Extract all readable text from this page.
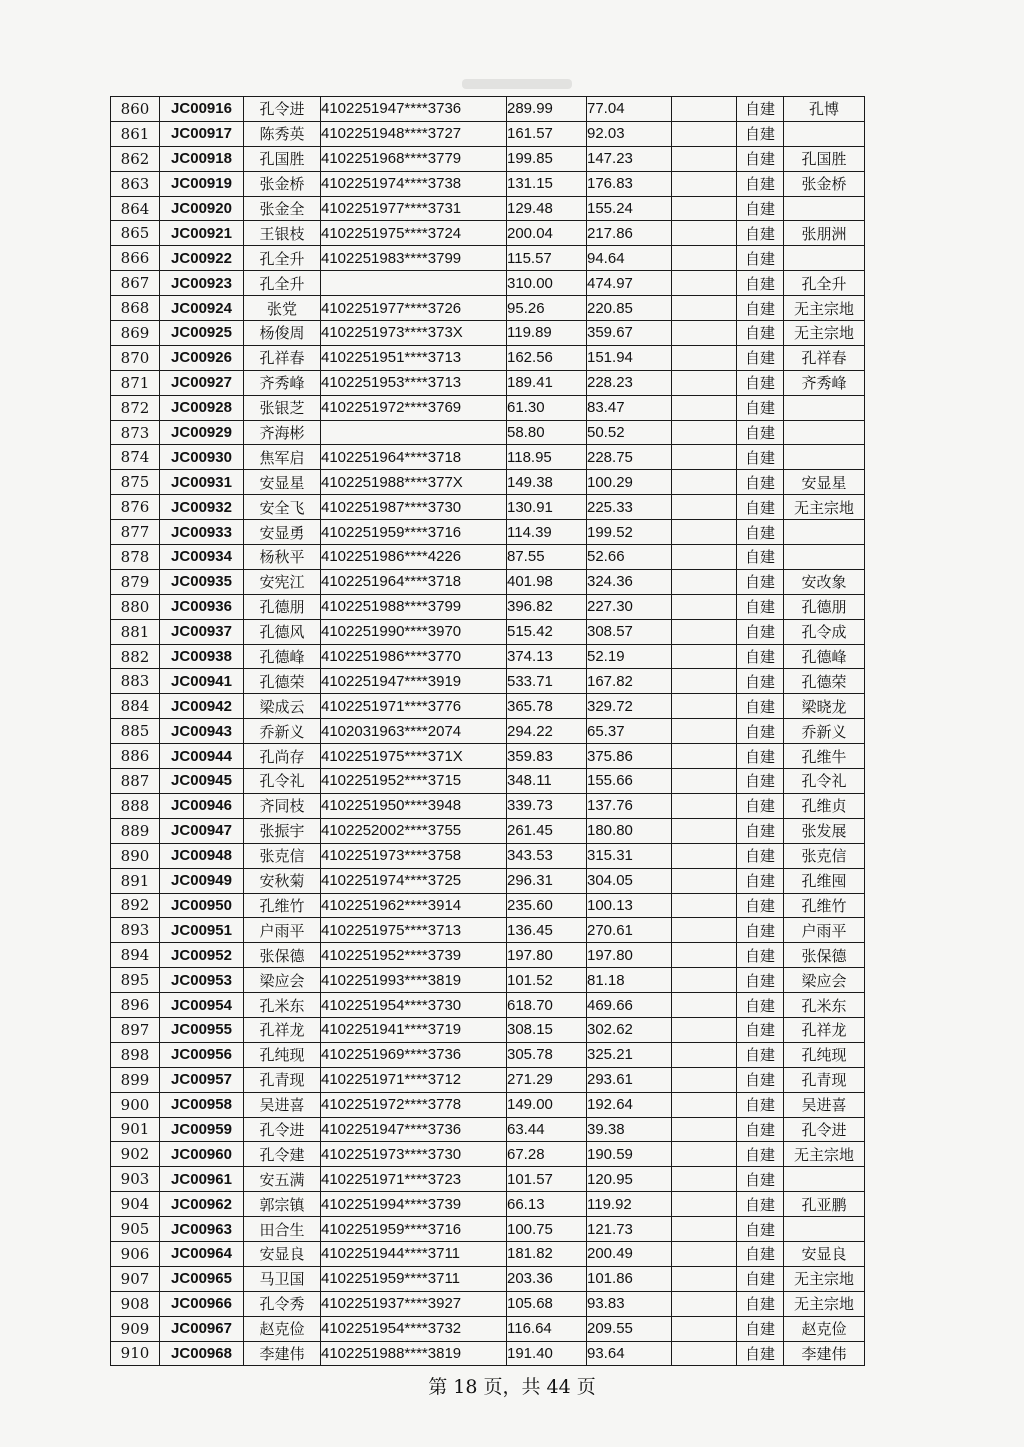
860	JC00916	孔令进	4102251947****3736	289.99	77.04		自建	孔博
861	JC00917	陈秀英	4102251948****3727	161.57	92.03		自建	
862	JC00918	孔国胜	4102251968****3779	199.85	147.23		自建	孔国胜
863	JC00919	张金桥	4102251974****3738	131.15	176.83		自建	张金桥
864	JC00920	张金全	4102251977****3731	129.48	155.24		自建	
865	JC00921	王银枝	4102251975****3724	200.04	217.86		自建	张朋洲
866	JC00922	孔全升	4102251983****3799	115.57	94.64		自建	
867	JC00923	孔全升		310.00	474.97		自建	孔全升
868	JC00924	张党	4102251977****3726	95.26	220.85		自建	无主宗地
869	JC00925	杨俊周	4102251973****373X	119.89	359.67		自建	无主宗地
870	JC00926	孔祥春	4102251951****3713	162.56	151.94		自建	孔祥春
871	JC00927	齐秀峰	4102251953****3713	189.41	228.23		自建	齐秀峰
872	JC00928	张银芝	4102251972****3769	61.30	83.47		自建	
873	JC00929	齐海彬		58.80	50.52		自建	
874	JC00930	焦军启	4102251964****3718	118.95	228.75		自建	
875	JC00931	安显星	4102251988****377X	149.38	100.29		自建	安显星
876	JC00932	安全飞	4102251987****3730	130.91	225.33		自建	无主宗地
877	JC00933	安显勇	4102251959****3716	114.39	199.52		自建	
878	JC00934	杨秋平	4102251986****4226	87.55	52.66		自建	
879	JC00935	安宪江	4102251964****3718	401.98	324.36		自建	安改象
880	JC00936	孔德朋	4102251988****3799	396.82	227.30		自建	孔德朋
881	JC00937	孔德风	4102251990****3970	515.42	308.57		自建	孔令成
882	JC00938	孔德峰	4102251986****3770	374.13	52.19		自建	孔德峰
883	JC00941	孔德荣	4102251947****3919	533.71	167.82		自建	孔德荣
884	JC00942	梁成云	4102251971****3776	365.78	329.72		自建	梁晓龙
885	JC00943	乔新义	4102031963****2074	294.22	65.37		自建	乔新义
886	JC00944	孔尚存	4102251975****371X	359.83	375.86		自建	孔维牛
887	JC00945	孔令礼	4102251952****3715	348.11	155.66		自建	孔令礼
888	JC00946	齐同枝	4102251950****3948	339.73	137.76		自建	孔维贞
889	JC00947	张振宇	4102252002****3755	261.45	180.80		自建	张发展
890	JC00948	张克信	4102251973****3758	343.53	315.31		自建	张克信
891	JC00949	安秋菊	4102251974****3725	296.31	304.05		自建	孔维囤
892	JC00950	孔维竹	4102251962****3914	235.60	100.13		自建	孔维竹
893	JC00951	户雨平	4102251975****3713	136.45	270.61		自建	户雨平
894	JC00952	张保德	4102251952****3739	197.80	197.80		自建	张保德
895	JC00953	梁应会	4102251993****3819	101.52	81.18		自建	梁应会
896	JC00954	孔米东	4102251954****3730	618.70	469.66		自建	孔米东
897	JC00955	孔祥龙	4102251941****3719	308.15	302.62		自建	孔祥龙
898	JC00956	孔纯现	4102251969****3736	305.78	325.21		自建	孔纯现
899	JC00957	孔青现	4102251971****3712	271.29	293.61		自建	孔青现
900	JC00958	吴进喜	4102251972****3778	149.00	192.64		自建	吴进喜
901	JC00959	孔令进	4102251947****3736	63.44	39.38		自建	孔令进
902	JC00960	孔令建	4102251973****3730	67.28	190.59		自建	无主宗地
903	JC00961	安五满	4102251971****3723	101.57	120.95		自建	
904	JC00962	郭宗镇	4102251994****3739	66.13	119.92		自建	孔亚鹏
905	JC00963	田合生	4102251959****3716	100.75	121.73		自建	
906	JC00964	安显良	4102251944****3711	181.82	200.49		自建	安显良
907	JC00965	马卫国	4102251959****3711	203.36	101.86		自建	无主宗地
908	JC00966	孔令秀	4102251937****3927	105.68	93.83		自建	无主宗地
909	JC00967	赵克俭	4102251954****3732	116.64	209.55		自建	赵克俭
910	JC00968	李建伟	4102251988****3819	191.40	93.64		自建	李建伟
第 18 页，共 44 页
